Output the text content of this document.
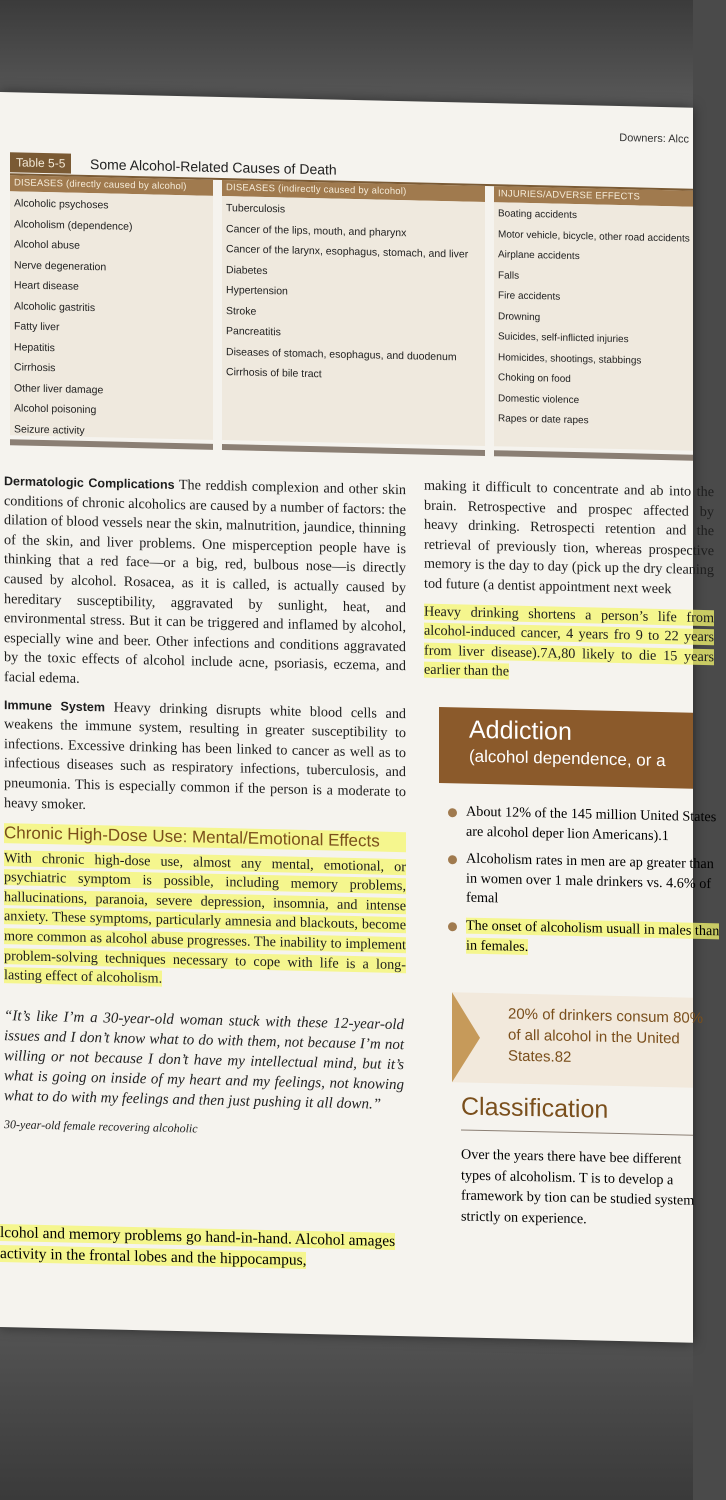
Downers: Alcc
Table 5-5	Some Alcohol-Related Causes of Death
DISEASES (directly caused by alcohol)
Alcoholic psychoses
Alcoholism (dependence)
Alcohol abuse
Nerve degeneration
Heart disease
Alcoholic gastritis
Fatty liver
Hepatitis
Cirrhosis
Other liver damage
Alcohol poisoning
Seizure activity
DISEASES (indirectly caused by alcohol)
Tuberculosis
Cancer of the lips, mouth, and pharynx
Cancer of the larynx, esophagus, stomach, and liver
Diabetes
Hypertension
Stroke
Pancreatitis
Diseases of stomach, esophagus, and duodenum
Cirrhosis of bile tract
INJURIES/ADVERSE EFFECTS
Boating accidents
Motor vehicle, bicycle, other road accidents
Airplane accidents
Falls
Fire accidents
Drowning
Suicides, self-inflicted injuries
Homicides, shootings, stabbings
Choking on food
Domestic violence
Rapes or date rapes

Dermatologic Complications The reddish complexion and other skin conditions of chronic alcoholics are caused by a number of factors: the dilation of blood vessels near the skin, malnutrition, jaundice, thinning of the skin, and liver problems. One misperception people have is thinking that a red face—or a big, red, bulbous nose—is directly caused by alcohol. Rosacea, as it is called, is actually caused by hereditary susceptibility, aggravated by sunlight, heat, and environmental stress. But it can be triggered and inflamed by alcohol, especially wine and beer. Other infections and conditions aggravated by the toxic effects of alcohol include acne, psoriasis, eczema, and facial edema.

Immune System Heavy drinking disrupts white blood cells and weakens the immune system, resulting in greater susceptibility to infections. Excessive drinking has been linked to cancer as well as to infectious diseases such as respiratory infections, tuberculosis, and pneumonia. This is especially common if the person is a moderate to heavy smoker.

Chronic High-Dose Use: Mental/Emotional Effects

With chronic high-dose use, almost any mental, emotional, or psychiatric symptom is possible, including memory problems, hallucinations, paranoia, severe depression, insomnia, and intense anxiety. These symptoms, particularly amnesia and blackouts, become more common as alcohol abuse progresses. The inability to implement problem-solving techniques necessary to cope with life is a long-lasting effect of alcoholism.

“It’s like I’m a 30-year-old woman stuck with these 12-year-old issues and I don’t know what to do with them, not because I’m not willing or not because I don’t have my intellectual mind, but it’s what is going on inside of my heart and my feelings, not knowing what to do with my feelings and then just pushing it all down.”
30-year-old female recovering alcoholic
lcohol and memory problems go hand-in-hand. Alcohol amages activity in the frontal lobes and the hippocampus,

making it difficult to concentrate and ab into the brain. Retrospective and prospec affected by heavy drinking. Retrospecti retention and the retrieval of previously tion, whereas prospective memory is the day to day (pick up the dry cleaning tod future (a dentist appointment next week

Heavy drinking shortens a person’s life from alcohol-induced cancer, 4 years fro 9 to 22 years from liver disease).7A,80 likely to die 15 years earlier than the

Addiction
(alcohol dependence, or a
About 12% of the 145 million United States are alcohol deper lion Americans).1
Alcoholism rates in men are ap greater than in women over 1 male drinkers vs. 4.6% of femal
The onset of alcoholism usuall in males than in females.
20% of drinkers consum 80% of all alcohol in the United States.82
Classification
Over the years there have bee different types of alcoholism. T is to develop a framework by tion can be studied system strictly on experience.
